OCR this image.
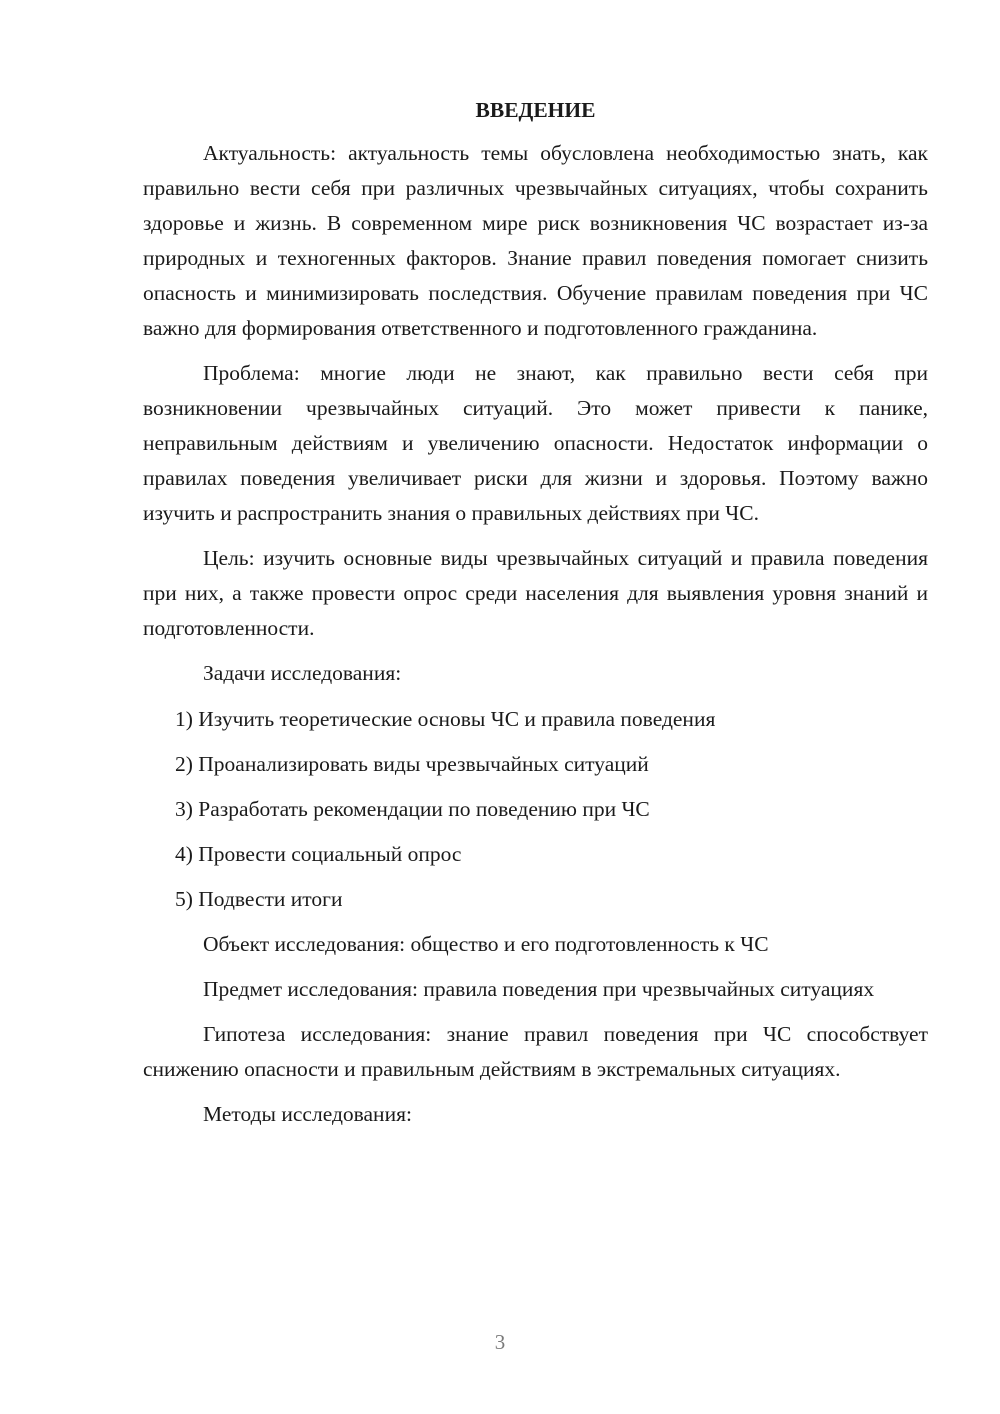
ВВЕДЕНИЕ

Актуальность: актуальность темы обусловлена необходимостью знать, как правильно вести себя при различных чрезвычайных ситуациях, чтобы сохранить здоровье и жизнь. В современном мире риск возникновения ЧС возрастает из-за природных и техногенных факторов. Знание правил поведения помогает снизить опасность и минимизировать последствия. Обучение правилам поведения при ЧС важно для формирования ответственного и подготовленного гражданина.

Проблема: многие люди не знают, как правильно вести себя при возникновении чрезвычайных ситуаций. Это может привести к панике, неправильным действиям и увеличению опасности. Недостаток информации о правилах поведения увеличивает риски для жизни и здоровья. Поэтому важно изучить и распространить знания о правильных действиях при ЧС.

Цель: изучить основные виды чрезвычайных ситуаций и правила поведения при них, а также провести опрос среди населения для выявления уровня знаний и подготовленности.

Задачи исследования:

1) Изучить теоретические основы ЧС и правила поведения
2) Проанализировать виды чрезвычайных ситуаций
3) Разработать рекомендации по поведению при ЧС
4) Провести социальный опрос
5) Подвести итоги

Объект исследования: общество и его подготовленность к ЧС

Предмет исследования: правила поведения при чрезвычайных ситуациях

Гипотеза исследования: знание правил поведения при ЧС способствует снижению опасности и правильным действиям в экстремальных ситуациях.

Методы исследования:

3
